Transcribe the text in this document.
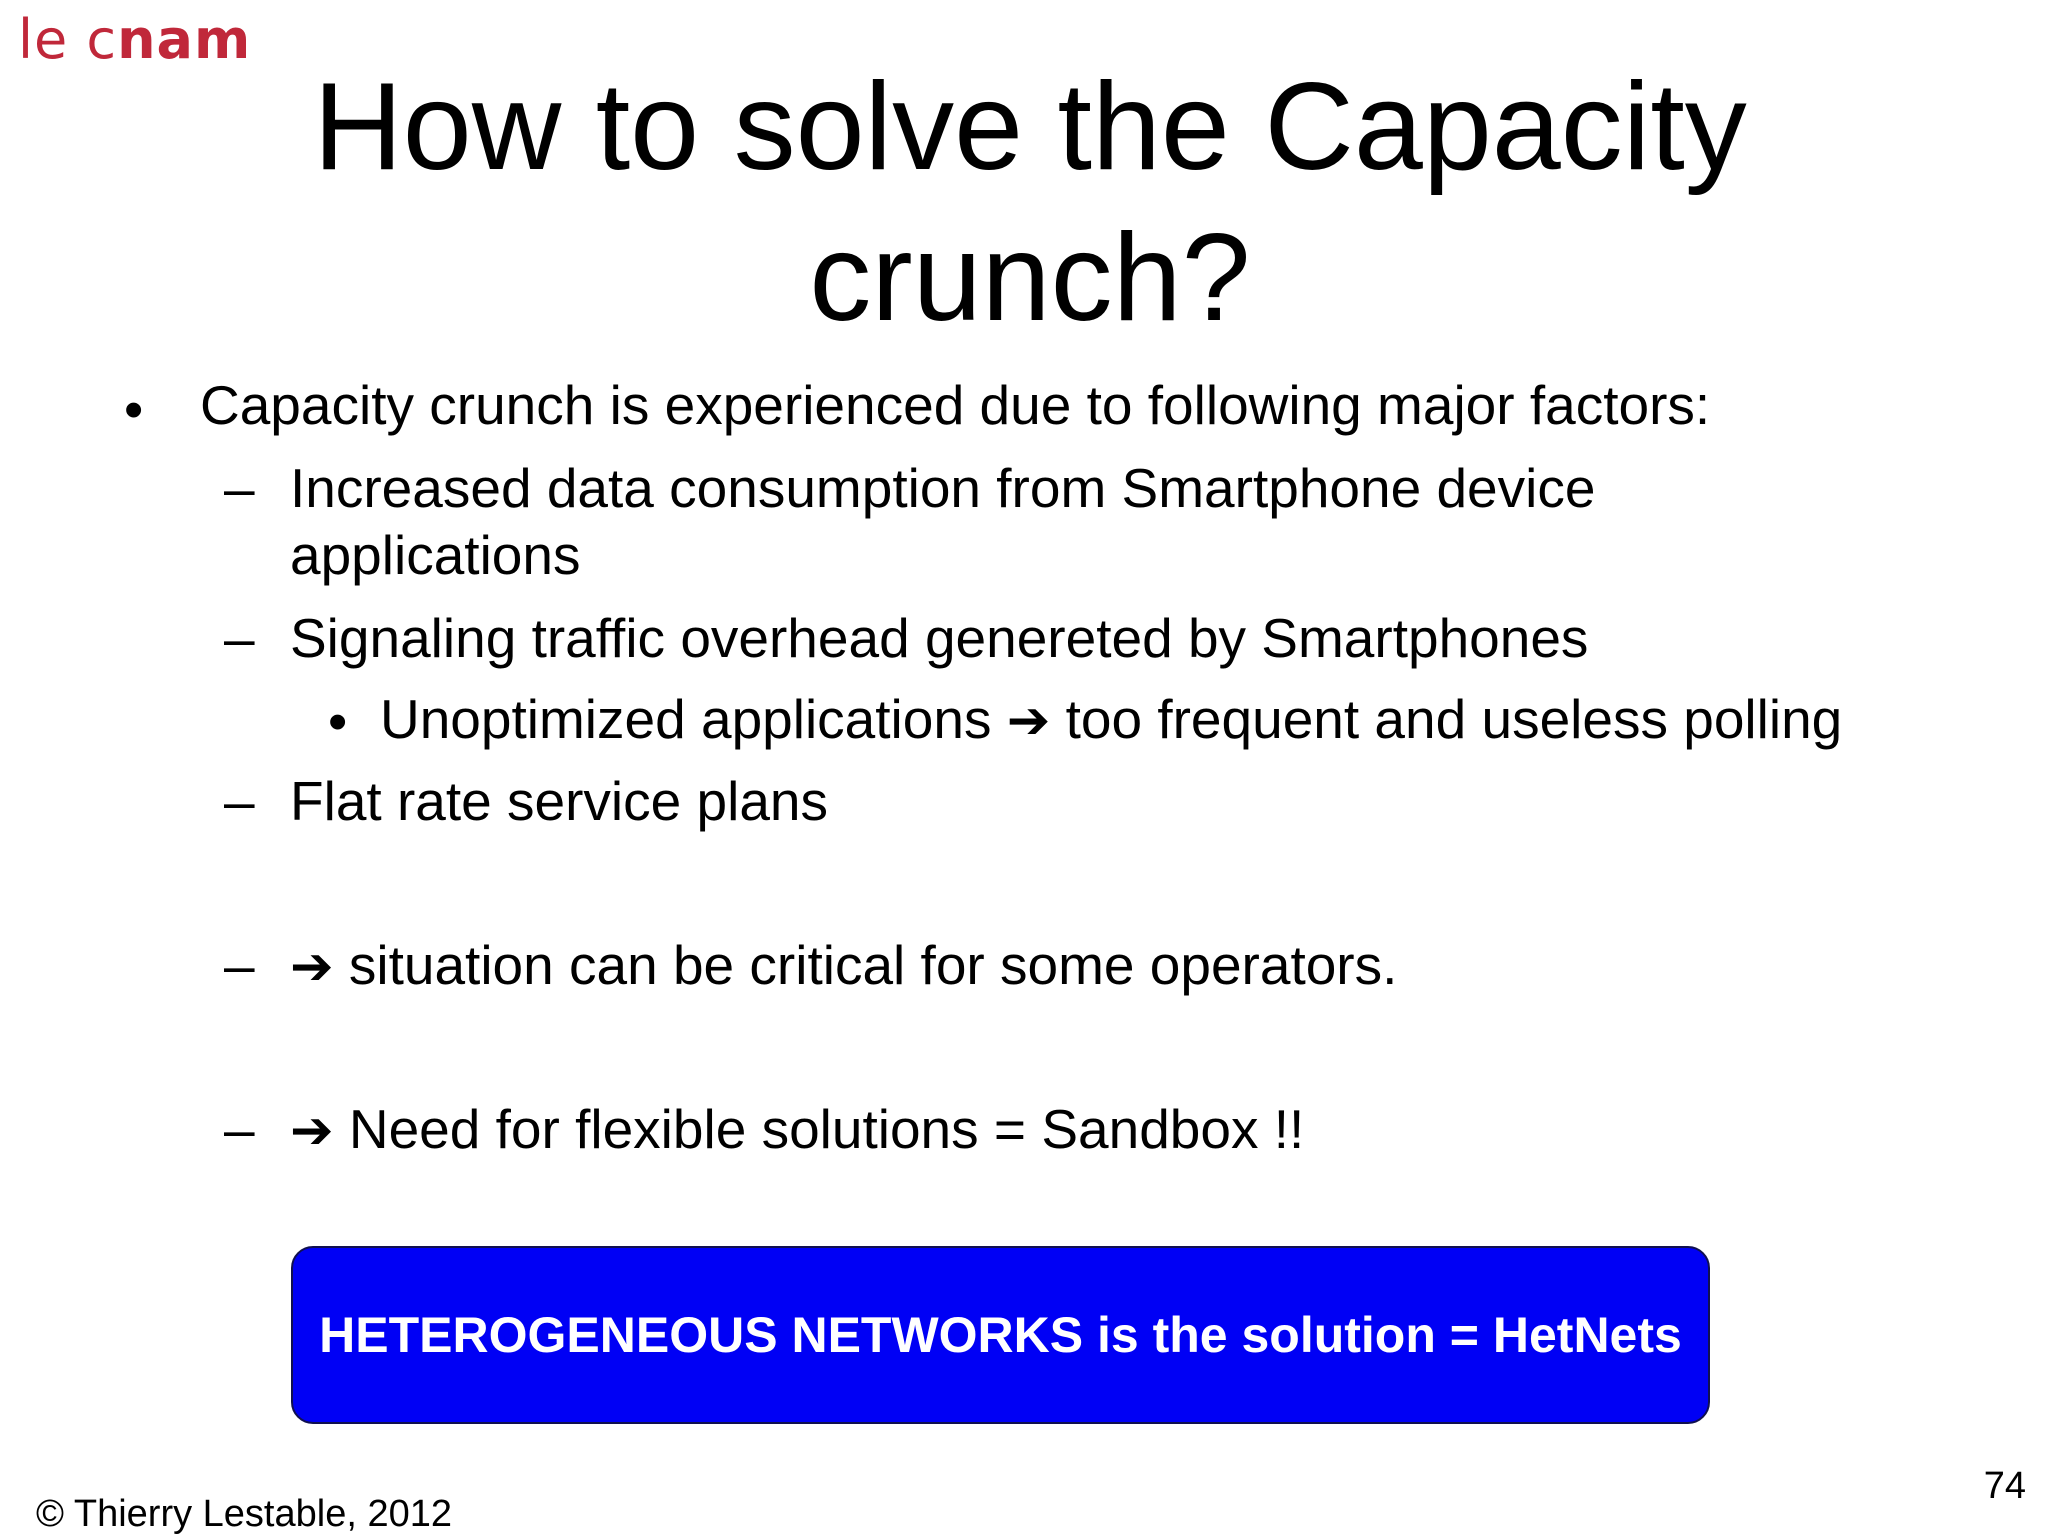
le cnam
How to solve the Capacity crunch?
• Capacity crunch is experienced due to following major factors:
– Increased data consumption from Smartphone device
applications
– Signaling traffic overhead genereted by Smartphones
• Unoptimized applications ➔ too frequent and useless polling
– Flat rate service plans
– ➔ situation can be critical for some operators.
– ➔ Need for flexible solutions = Sandbox !!
HETEROGENEOUS NETWORKS is the solution = HetNets
© Thierry Lestable, 2012
74
